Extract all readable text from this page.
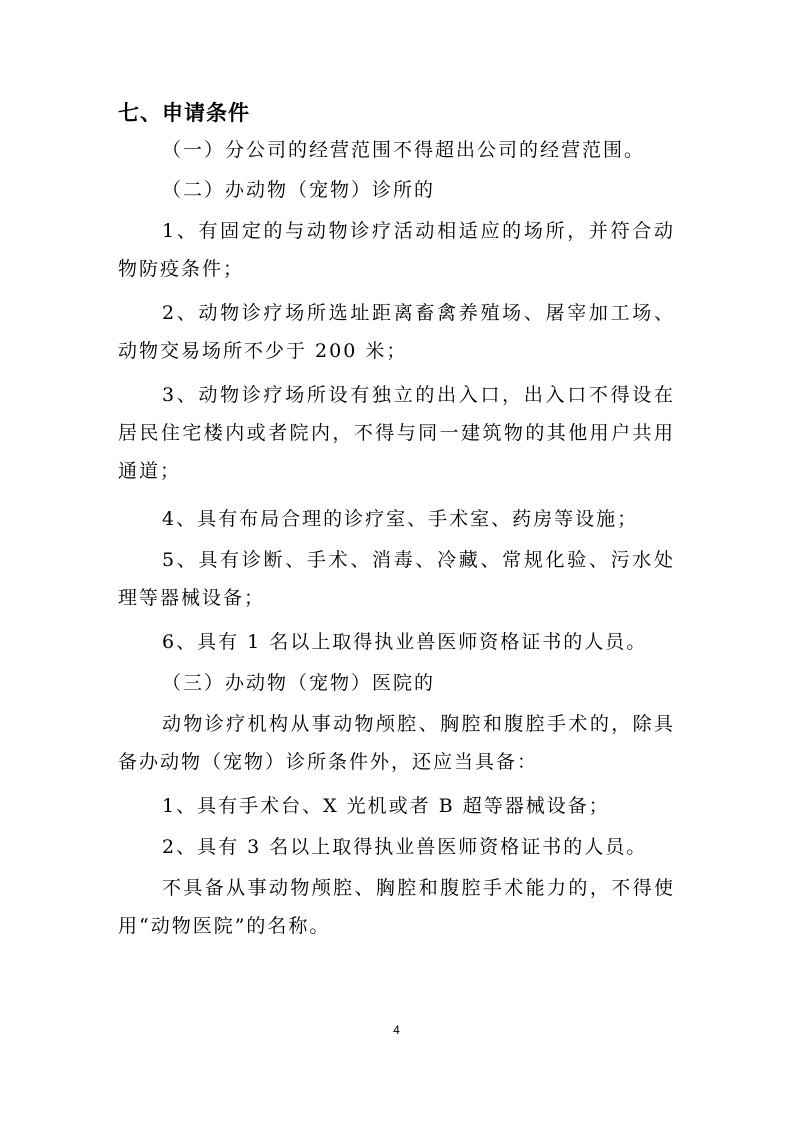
七、申请条件
（一）分公司的经营范围不得超出公司的经营范围。
（二）办动物（宠物）诊所的
1、有固定的与动物诊疗活动相适应的场所，并符合动物防疫条件；
2、动物诊疗场所选址距离畜禽养殖场、屠宰加工场、动物交易场所不少于 200 米；
3、动物诊疗场所设有独立的出入口，出入口不得设在居民住宅楼内或者院内，不得与同一建筑物的其他用户共用通道；
4、具有布局合理的诊疗室、手术室、药房等设施；
5、具有诊断、手术、消毒、冷藏、常规化验、污水处理等器械设备；
6、具有 1 名以上取得执业兽医师资格证书的人员。
（三）办动物（宠物）医院的
动物诊疗机构从事动物颅腔、胸腔和腹腔手术的，除具备办动物（宠物）诊所条件外，还应当具备：
1、具有手术台、X 光机或者 B 超等器械设备；
2、具有 3 名以上取得执业兽医师资格证书的人员。
不具备从事动物颅腔、胸腔和腹腔手术能力的，不得使用“动物医院”的名称。
4
